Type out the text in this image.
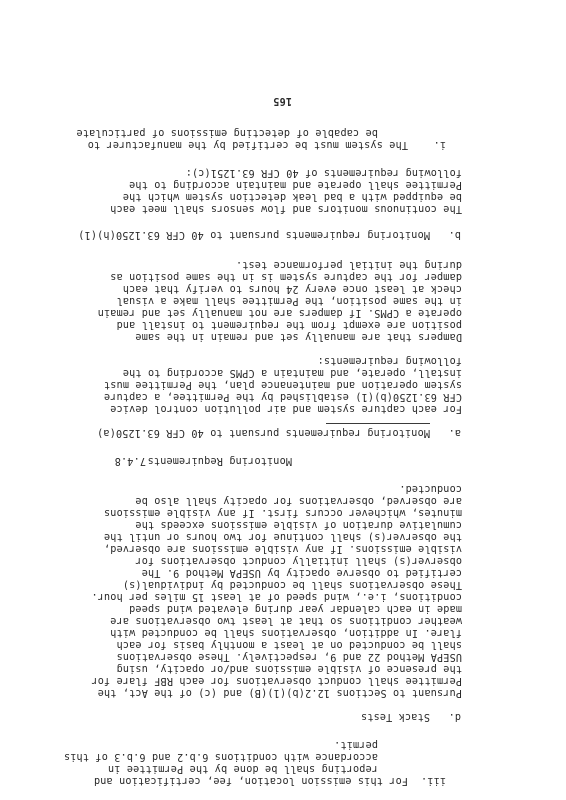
iii.
For this emission location, fee, certification and
reporting shall be done by the Permittee in
accordance with conditions 6.b.2 and 6.b.3 of this
permit.
d.
Stack Tests
Pursuant to Sections 12.2(b)(1)(B) and (c) of the Act, the
Permittee shall conduct observations for each RBF flare for
the presence of visible emissions and/or opacity, using
USEPA Method 22 and 9, respectively. These observations
shall be conducted on at least a monthly basis for each
flare. In addition, observations shall be conducted with
weather conditions so that at least two observations are
made in each calendar year during elevated wind speed
conditions, i.e., wind speed of at least 15 miles per hour.
These observations shall be conducted by individual(s)
certified to observe opacity by USEPA Method 9. The
observer(s) shall initially conduct observations for
visible emissions. If any visible emissions are observed,
the observer(s) shall continue for two hours or until the
cumulative duration of visible emissions exceeds the
minutes, whichever occurs first. If any visible emissions
are observed, observations for opacity shall also be
conducted.
7.4.8 Monitoring Requirements
a.
Monitoring requirements pursuant to 40 CFR 63.1250(a)
For each capture system and air pollution control device
CFR 63.1250(b)(1) established by the Permittee, a capture
system operation and maintenance plan, the Permittee must
install, operate, and maintain a CPMS according to the
following requirements:
Dampers that are manually set and remain in the same
position are exempt from the requirement to install and
operate a CPMS. If dampers are not manually set and remain
in the same position, the Permittee shall make a visual
check at least once every 24 hours to verify that each
damper for the capture system is in the same position as
during the initial performance test.
b.
Monitoring requirements pursuant to 40 CFR 63.1250(h)(1)
The continuous monitors and flow sensors shall meet each
be equipped with a bad leak detection system which the
Permittee shall operate and maintain according to the
following requirements of 40 CFR 63.1251(c):
i.
The system must be certified by the manufacturer to
be capable of detecting emissions of particulate
165
